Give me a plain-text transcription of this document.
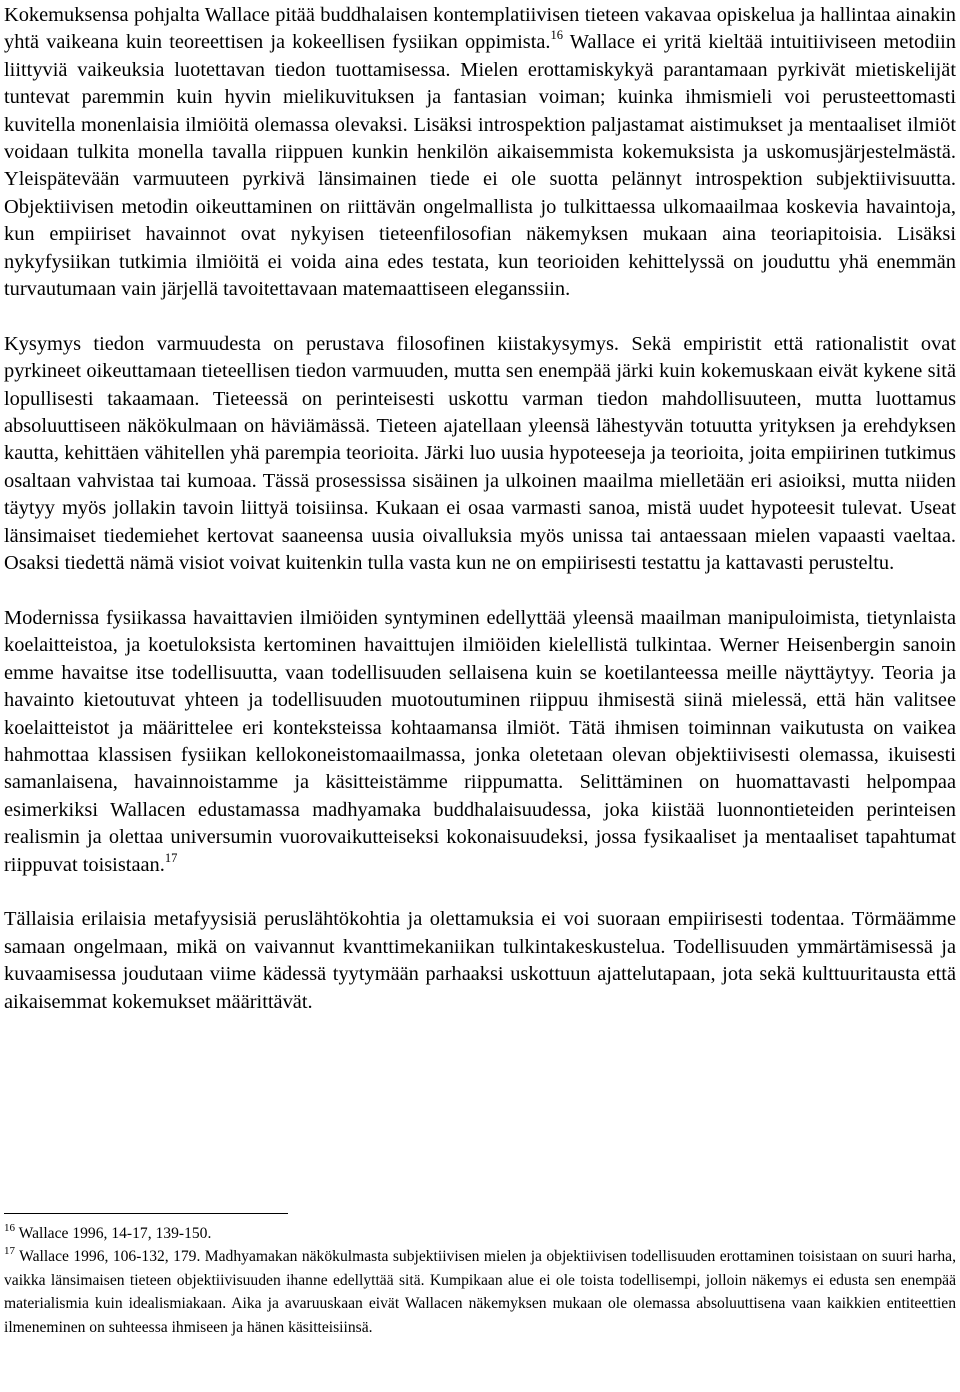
Kokemuksensa pohjalta Wallace pitää buddhalaisen kontemplatiivisen tieteen vakavaa opiskelua ja hallintaa ainakin yhtä vaikeana kuin teoreettisen ja kokeellisen fysiikan oppimista.$^{16}$ Wallace ei yritä kieltää intuitiiviseen metodiin liittyviä vaikeuksia luotettavan tiedon tuottamisessa. Mielen erottamiskykyä parantamaan pyrkivät mietiskelijät tuntevat paremmin kuin hyvin mielikuvituksen ja fantasian voiman; kuinka ihmismieli voi perusteettomasti kuvitella monenlaisia ilmiöitä olemassa olevaksi. Lisäksi introspektion paljastamat aistimukset ja mentaaliset ilmiöt voidaan tulkita monella tavalla riippuen kunkin henkilön aikaisemmista kokemuksista ja uskomusjärjestelmästä. Yleispätevään varmuuteen pyrkivä länsimainen tiede ei ole suotta pelännyt introspektion subjektiivisuutta. Objektiivisen metodin oikeuttaminen on riittävän ongelmallista jo tulkittaessa ulkomaailmaa koskevia havaintoja, kun empiiriset havainnot ovat nykyisen tieteenfilosofian näkemyksen mukaan aina teoriapitoisia. Lisäksi nykyfysiikan tutkimia ilmiöitä ei voida aina edes testata, kun teorioiden kehittelyssä on jouduttu yhä enemmän turvautumaan vain järjellä tavoitettavaan matemaattiseen eleganssiin.

Kysymys tiedon varmuudesta on perustava filosofinen kiistakysymys. Sekä empiristit että rationalistit ovat pyrkineet oikeuttamaan tieteellisen tiedon varmuuden, mutta sen enempää järki kuin kokemuskaan eivät kykene sitä lopullisesti takaamaan. Tieteessä on perinteisesti uskottu varman tiedon mahdollisuuteen, mutta luottamus absoluuttiseen näkökulmaan on häviämässä. Tieteen ajatellaan yleensä lähestyvän totuutta yrityksen ja erehdyksen kautta, kehittäen vähitellen yhä parempia teorioita. Järki luo uusia hypoteeseja ja teorioita, joita empiirinen tutkimus osaltaan vahvistaa tai kumoaa. Tässä prosessissa sisäinen ja ulkoinen maailma mielletään eri asioiksi, mutta niiden täytyy myös jollakin tavoin liittyä toisiinsa. Kukaan ei osaa varmasti sanoa, mistä uudet hypoteesit tulevat. Useat länsimaiset tiedemiehet kertovat saaneensa uusia oivalluksia myös unissa tai antaessaan mielen vapaasti vaeltaa. Osaksi tiedettä nämä visiot voivat kuitenkin tulla vasta kun ne on empiirisesti testattu ja kattavasti perusteltu.

Modernissa fysiikassa havaittavien ilmiöiden syntyminen edellyttää yleensä maailman manipuloimista, tietynlaista koelaitteistoa, ja koetuloksista kertominen havaittujen ilmiöiden kielellistä tulkintaa. Werner Heisenbergin sanoin emme havaitse itse todellisuutta, vaan todellisuuden sellaisena kuin se koetilanteessa meille näyttäytyy. Teoria ja havainto kietoutuvat yhteen ja todellisuuden muotoutuminen riippuu ihmisestä siinä mielessä, että hän valitsee koelaitteistot ja määrittelee eri konteksteissa kohtaamansa ilmiöt. Tätä ihmisen toiminnan vaikutusta on vaikea hahmottaa klassisen fysiikan kellokoneistomaailmassa, jonka oletetaan olevan objektiivisesti olemassa, ikuisesti samanlaisena, havainnoistamme ja käsitteistämme riippumatta. Selittäminen on huomattavasti helpompaa esimerkiksi Wallacen edustamassa madhyamaka buddhalaisuudessa, joka kiistää luonnontieteiden perinteisen realismin ja olettaa universumin vuorovaikutteiseksi kokonaisuudeksi, jossa fysikaaliset ja mentaaliset tapahtumat riippuvat toisistaan.$^{17}$

Tällaisia erilaisia metafyysisiä peruslähtökohtia ja olettamuksia ei voi suoraan empiirisesti todentaa. Törmäämme samaan ongelmaan, mikä on vaivannut kvanttimekaniikan tulkintakeskustelua. Todellisuuden ymmärtämisessä ja kuvaamisessa joudutaan viime kädessä tyytymään parhaaksi uskottuun ajattelutapaan, jota sekä kulttuuritausta että aikaisemmat kokemukset määrittävät.

$^{16}$ Wallace 1996, 14-17, 139-150.

$^{17}$ Wallace 1996, 106-132, 179. Madhyamakan näkökulmasta subjektiivisen mielen ja objektiivisen todellisuuden erottaminen toisistaan on suuri harha, vaikka länsimaisen tieteen objektiivisuuden ihanne edellyttää sitä. Kumpikaan alue ei ole toista todellisempi, jolloin näkemys ei edusta sen enempää materialismia kuin idealismiakaan. Aika ja avaruuskaan eivät Wallacen näkemyksen mukaan ole olemassa absoluuttisena vaan kaikkien entiteettien ilmeneminen on suhteessa ihmiseen ja hänen käsitteisiinsä.
